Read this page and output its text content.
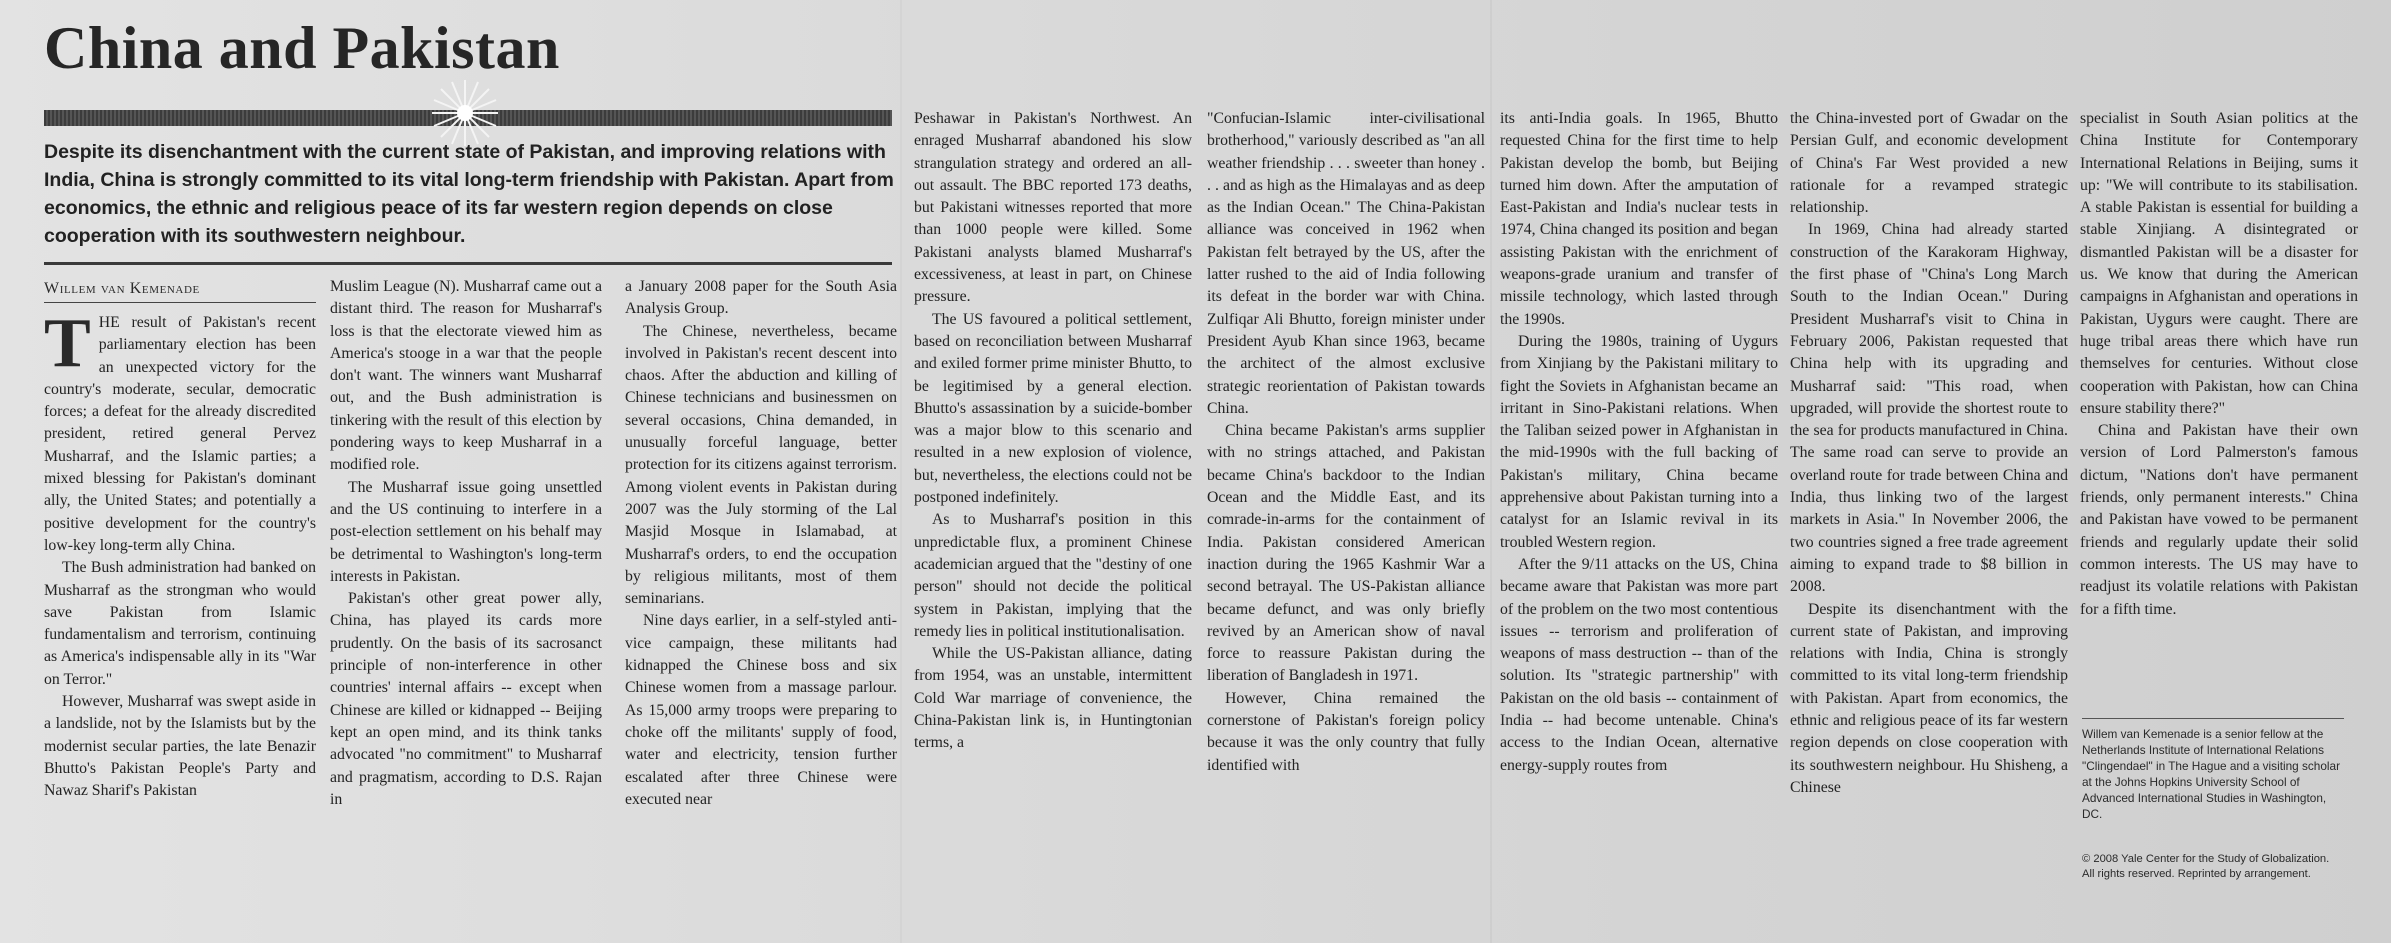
China and Pakistan
Despite its disenchantment with the current state of Pakistan, and improving relations with India, China is strongly committed to its vital long-term friendship with Pakistan. Apart from economics, the ethnic and religious peace of its far western region depends on close cooperation with its southwestern neighbour.
Willem van Kemenade

THE result of Pakistan's recent parliamentary election has been an unexpected victory for the country's moderate, secular, democratic forces; a defeat for the already discredited president, retired general Pervez Musharraf, and the Islamic parties; a mixed blessing for Pakistan's dominant ally, the United States; and potentially a positive development for the country's low-key long-term ally China.

The Bush administration had banked on Musharraf as the strongman who would save Pakistan from Islamic fundamentalism and terrorism, continuing as America's indispensable ally in its "War on Terror."

However, Musharraf was swept aside in a landslide, not by the Islamists but by the modernist secular parties, the late Benazir Bhutto's Pakistan People's Party and Nawaz Sharif's Pakistan

Muslim League (N). Musharraf came out a distant third. The reason for Musharraf's loss is that the electorate viewed him as America's stooge in a war that the people don't want. The winners want Musharraf out, and the Bush administration is tinkering with the result of this election by pondering ways to keep Musharraf in a modified role.

The Musharraf issue going unsettled and the US continuing to interfere in a post-election settlement on his behalf may be detrimental to Washington's long-term interests in Pakistan.

Pakistan's other great power ally, China, has played its cards more prudently. On the basis of its sacrosanct principle of non-interference in other countries' internal affairs -- except when Chinese are killed or kidnapped -- Beijing kept an open mind, and its think tanks advocated "no commitment" to Musharraf and pragmatism, according to D.S. Rajan in

a January 2008 paper for the South Asia Analysis Group.

The Chinese, nevertheless, became involved in Pakistan's recent descent into chaos. After the abduction and killing of Chinese technicians and businessmen on several occasions, China demanded, in unusually forceful language, better protection for its citizens against terrorism. Among violent events in Pakistan during 2007 was the July storming of the Lal Masjid Mosque in Islamabad, at Musharraf's orders, to end the occupation by religious militants, most of them seminarians.

Nine days earlier, in a self-styled anti-vice campaign, these militants had kidnapped the Chinese boss and six Chinese women from a massage parlour. As 15,000 army troops were preparing to choke off the militants' supply of food, water and electricity, tension further escalated after three Chinese were executed near

Peshawar in Pakistan's Northwest. An enraged Musharraf abandoned his slow strangulation strategy and ordered an all-out assault. The BBC reported 173 deaths, but Pakistani witnesses reported that more than 1000 people were killed. Some Pakistani analysts blamed Musharraf's excessiveness, at least in part, on Chinese pressure.

The US favoured a political settlement, based on reconciliation between Musharraf and exiled former prime minister Bhutto, to be legitimised by a general election. Bhutto's assassination by a suicide-bomber was a major blow to this scenario and resulted in a new explosion of violence, but, nevertheless, the elections could not be postponed indefinitely.

As to Musharraf's position in this unpredictable flux, a prominent Chinese academician argued that the "destiny of one person" should not decide the political system in Pakistan, implying that the remedy lies in political institutionalisation.

While the US-Pakistan alliance, dating from 1954, was an unstable, intermittent Cold War marriage of convenience, the China-Pakistan link is, in Huntingtonian terms, a

"Confucian-Islamic inter-civilisational brotherhood," variously described as "an all weather friendship . . . sweeter than honey . . . and as high as the Himalayas and as deep as the Indian Ocean." The China-Pakistan alliance was conceived in 1962 when Pakistan felt betrayed by the US, after the latter rushed to the aid of India following its defeat in the border war with China. Zulfiqar Ali Bhutto, foreign minister under President Ayub Khan since 1963, became the architect of the almost exclusive strategic reorientation of Pakistan towards China.

China became Pakistan's arms supplier with no strings attached, and Pakistan became China's backdoor to the Indian Ocean and the Middle East, and its comrade-in-arms for the containment of India. Pakistan considered American inaction during the 1965 Kashmir War a second betrayal. The US-Pakistan alliance became defunct, and was only briefly revived by an American show of naval force to reassure Pakistan during the liberation of Bangladesh in 1971.

However, China remained the cornerstone of Pakistan's foreign policy because it was the only country that fully identified with

its anti-India goals. In 1965, Bhutto requested China for the first time to help Pakistan develop the bomb, but Beijing turned him down. After the amputation of East-Pakistan and India's nuclear tests in 1974, China changed its position and began assisting Pakistan with the enrichment of weapons-grade uranium and transfer of missile technology, which lasted through the 1990s.

During the 1980s, training of Uygurs from Xinjiang by the Pakistani military to fight the Soviets in Afghanistan became an irritant in Sino-Pakistani relations. When the Taliban seized power in Afghanistan in the mid-1990s with the full backing of Pakistan's military, China became apprehensive about Pakistan turning into a catalyst for an Islamic revival in its troubled Western region.

After the 9/11 attacks on the US, China became aware that Pakistan was more part of the problem on the two most contentious issues -- terrorism and proliferation of weapons of mass destruction -- than of the solution. Its "strategic partnership" with Pakistan on the old basis -- containment of India -- had become untenable. China's access to the Indian Ocean, alternative energy-supply routes from

the China-invested port of Gwadar on the Persian Gulf, and economic development of China's Far West provided a new rationale for a revamped strategic relationship.

In 1969, China had already started construction of the Karakoram Highway, the first phase of "China's Long March South to the Indian Ocean." During President Musharraf's visit to China in February 2006, Pakistan requested that China help with its upgrading and Musharraf said: "This road, when upgraded, will provide the shortest route to the sea for products manufactured in China. The same road can serve to provide an overland route for trade between China and India, thus linking two of the largest markets in Asia." In November 2006, the two countries signed a free trade agreement aiming to expand trade to $8 billion in 2008.

Despite its disenchantment with the current state of Pakistan, and improving relations with India, China is strongly committed to its vital long-term friendship with Pakistan. Apart from economics, the ethnic and religious peace of its far western region depends on close cooperation with its southwestern neighbour. Hu Shisheng, a Chinese

specialist in South Asian politics at the China Institute for Contemporary International Relations in Beijing, sums it up: "We will contribute to its stabilisation. A stable Pakistan is essential for building a stable Xinjiang. A disintegrated or dismantled Pakistan will be a disaster for us. We know that during the American campaigns in Afghanistan and operations in Pakistan, Uygurs were caught. There are huge tribal areas there which have run themselves for centuries. Without close cooperation with Pakistan, how can China ensure stability there?"

China and Pakistan have their own version of Lord Palmerston's famous dictum, "Nations don't have permanent friends, only permanent interests." China and Pakistan have vowed to be permanent friends and regularly update their solid common interests. The US may have to readjust its volatile relations with Pakistan for a fifth time.

Willem van Kemenade is a senior fellow at the Netherlands Institute of International Relations "Clingendael" in The Hague and a visiting scholar at the Johns Hopkins University School of Advanced International Studies in Washington, DC.
© 2008 Yale Center for the Study of Globalization. All rights reserved. Reprinted by arrangement.
